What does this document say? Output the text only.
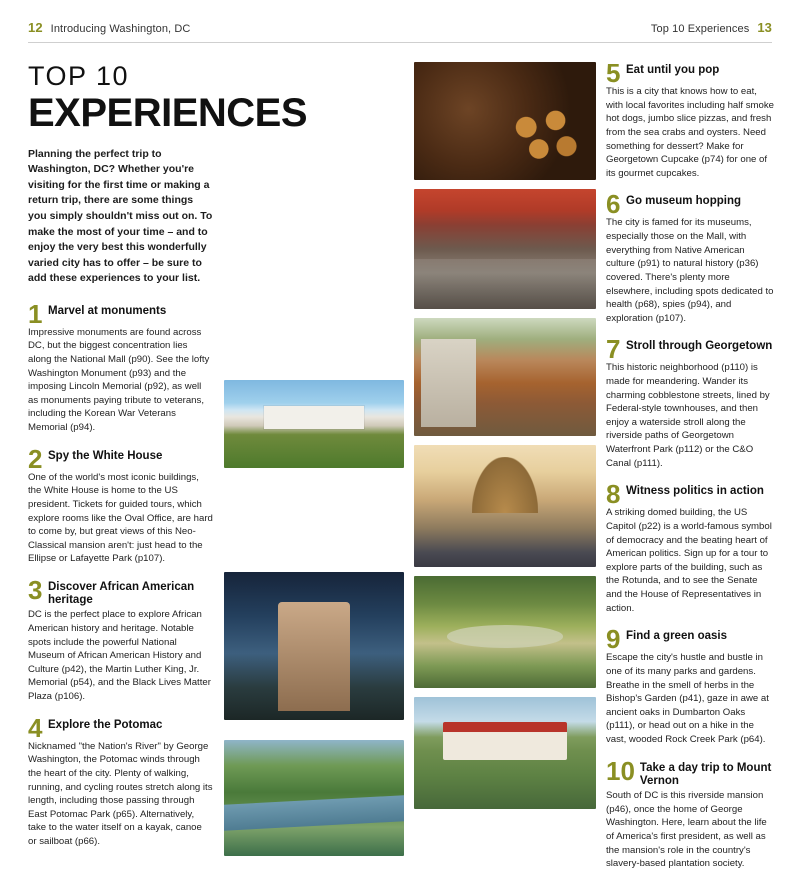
12 Introducing Washington, DC	Top 10 Experiences 13
TOP 10
EXPERIENCES

Planning the perfect trip to Washington, DC? Whether you're visiting for the first time or making a return trip, there are some things you simply shouldn't miss out on. To make the most of your time – and to enjoy the very best this wonderfully varied city has to offer – be sure to add these experiences to your list.

1 Marvel at monuments
Impressive monuments are found across DC, but the biggest concentration lies along the National Mall (p90). See the lofty Washington Monument (p93) and the imposing Lincoln Memorial (p92), as well as monuments paying tribute to veterans, including the Korean War Veterans Memorial (p94).
2 Spy the White House
One of the world's most iconic buildings, the White House is home to the US president. Tickets for guided tours, which explore rooms like the Oval Office, are hard to come by, but great views of this Neo-Classical mansion aren't: just head to the Ellipse or Lafayette Park (p107).
3 Discover African American heritage
DC is the perfect place to explore African American history and heritage. Notable spots include the powerful National Museum of African American History and Culture (p42), the Martin Luther King, Jr. Memorial (p54), and the Black Lives Matter Plaza (p106).
4 Explore the Potomac
Nicknamed "the Nation's River" by George Washington, the Potomac winds through the heart of the city. Plenty of walking, running, and cycling routes stretch along its length, including those passing through East Potomac Park (p65). Alternatively, take to the water itself on a kayak, canoe or sailboat (p66).
5 Eat until you pop
This is a city that knows how to eat, with local favorites including half smoke hot dogs, jumbo slice pizzas, and fresh from the sea crabs and oysters. Need something for dessert? Make for Georgetown Cupcake (p74) for one of its gourmet cupcakes.
6 Go museum hopping
The city is famed for its museums, especially those on the Mall, with everything from Native American culture (p91) to natural history (p36) covered. There's plenty more elsewhere, including spots dedicated to health (p68), spies (p94), and exploration (p107).
7 Stroll through Georgetown
This historic neighborhood (p110) is made for meandering. Wander its charming cobblestone streets, lined by Federal-style townhouses, and then enjoy a waterside stroll along the riverside paths of Georgetown Waterfront Park (p112) or the C&O Canal (p111).
8 Witness politics in action
A striking domed building, the US Capitol (p22) is a world-famous symbol of democracy and the beating heart of American politics. Sign up for a tour to explore parts of the building, such as the Rotunda, and to see the Senate and the House of Representatives in action.
9 Find a green oasis
Escape the city's hustle and bustle in one of its many parks and gardens. Breathe in the smell of herbs in the Bishop's Garden (p41), gaze in awe at ancient oaks in Dumbarton Oaks (p111), or head out on a hike in the vast, wooded Rock Creek Park (p64).
10 Take a day trip to Mount Vernon
South of DC is this riverside mansion (p46), once the home of George Washington. Here, learn about the life of America's first president, as well as the mansion's role in the country's slavery-based plantation society.
